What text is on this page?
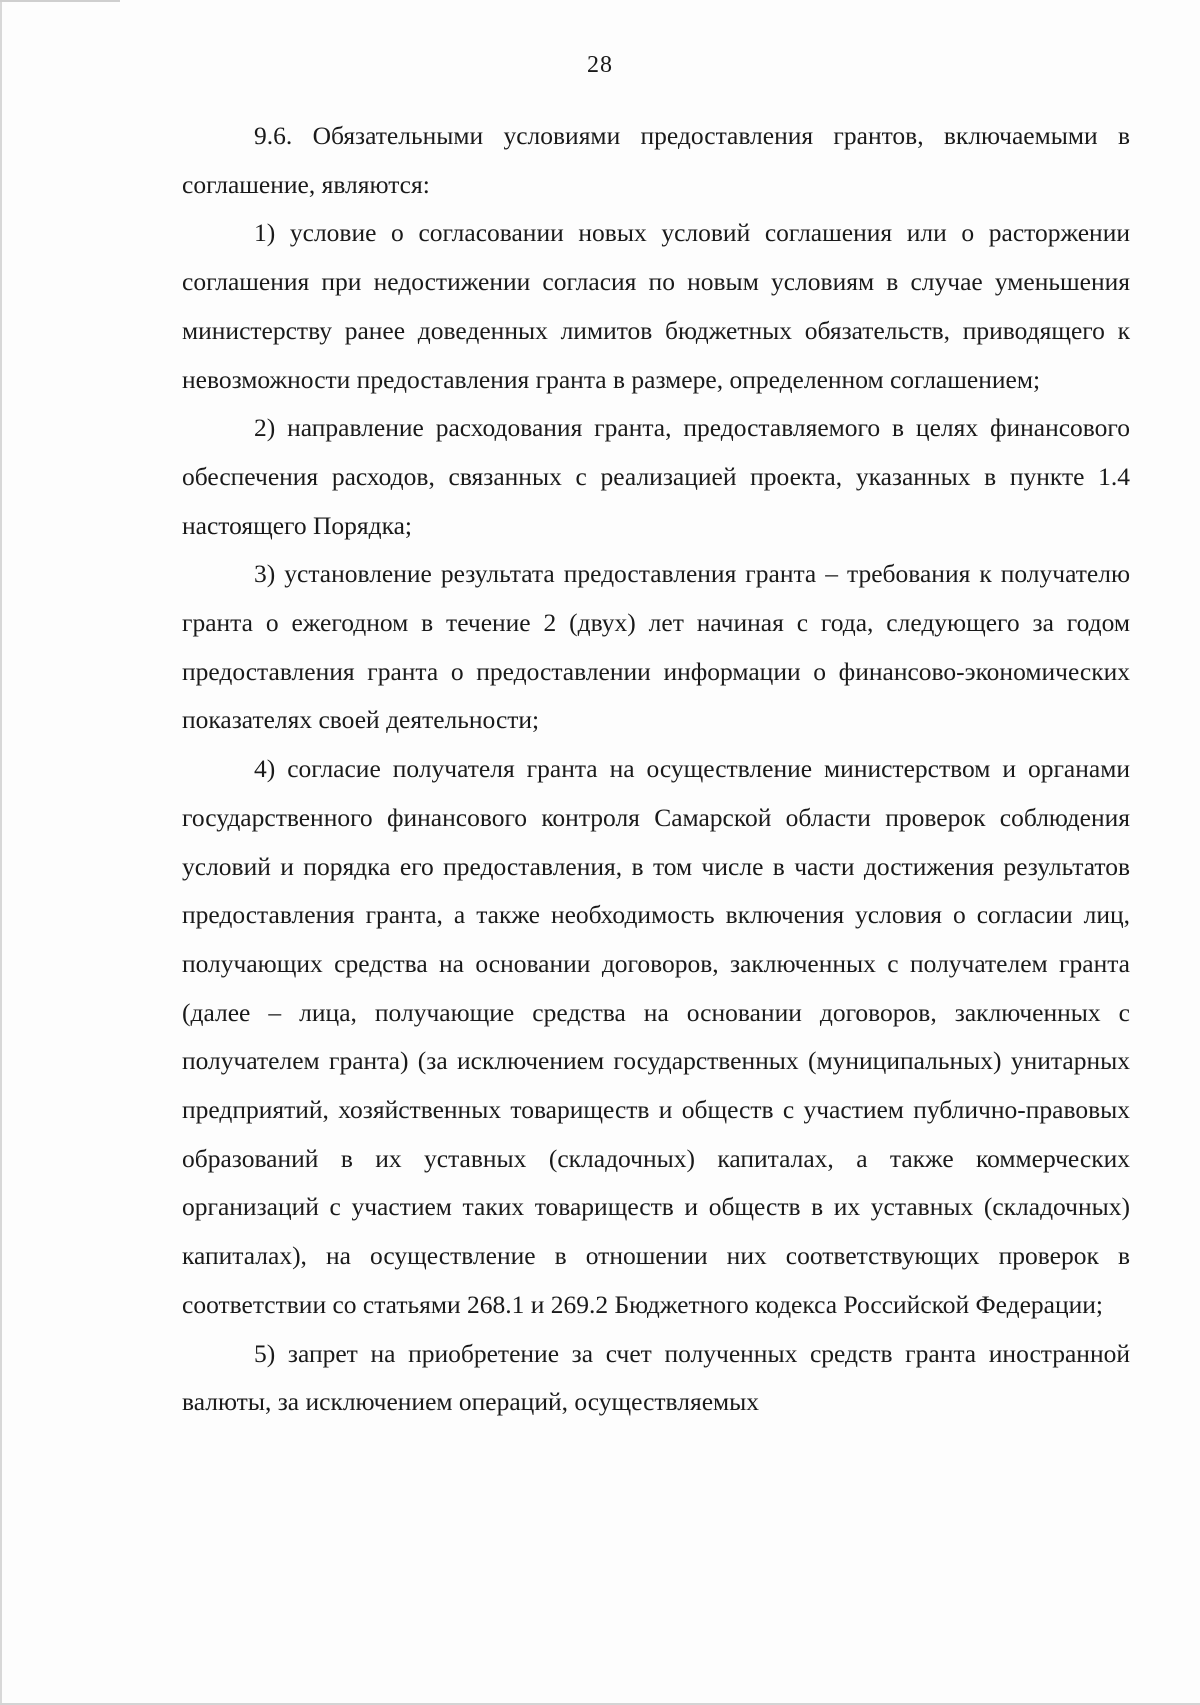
28

9.6. Обязательными условиями предоставления грантов, включаемыми в соглашение, являются:

1) условие о согласовании новых условий соглашения или о расторжении соглашения при недостижении согласия по новым условиям в случае уменьшения министерству ранее доведенных лимитов бюджетных обязательств, приводящего к невозможности предоставления гранта в размере, определенном соглашением;

2) направление расходования гранта, предоставляемого в целях финансового обеспечения расходов, связанных с реализацией проекта, указанных в пункте 1.4 настоящего Порядка;

3) установление результата предоставления гранта – требования к получателю гранта о ежегодном в течение 2 (двух) лет начиная с года, следующего за годом предоставления гранта о предоставлении информации о финансово-экономических показателях своей деятельности;

4) согласие получателя гранта на осуществление министерством и органами государственного финансового контроля Самарской области проверок соблюдения условий и порядка его предоставления, в том числе в части достижения результатов предоставления гранта, а также необходимость включения условия о согласии лиц, получающих средства на основании договоров, заключенных с получателем гранта (далее – лица, получающие средства на основании договоров, заключенных с получателем гранта) (за исключением государственных (муниципальных) унитарных предприятий, хозяйственных товариществ и обществ с участием публично-правовых образований в их уставных (складочных) капиталах, а также коммерческих организаций с участием таких товариществ и обществ в их уставных (складочных) капиталах), на осуществление в отношении них соответствующих проверок в соответствии со статьями 268.1 и 269.2 Бюджетного кодекса Российской Федерации;

5) запрет на приобретение за счет полученных средств гранта иностранной валюты, за исключением операций, осуществляемых
